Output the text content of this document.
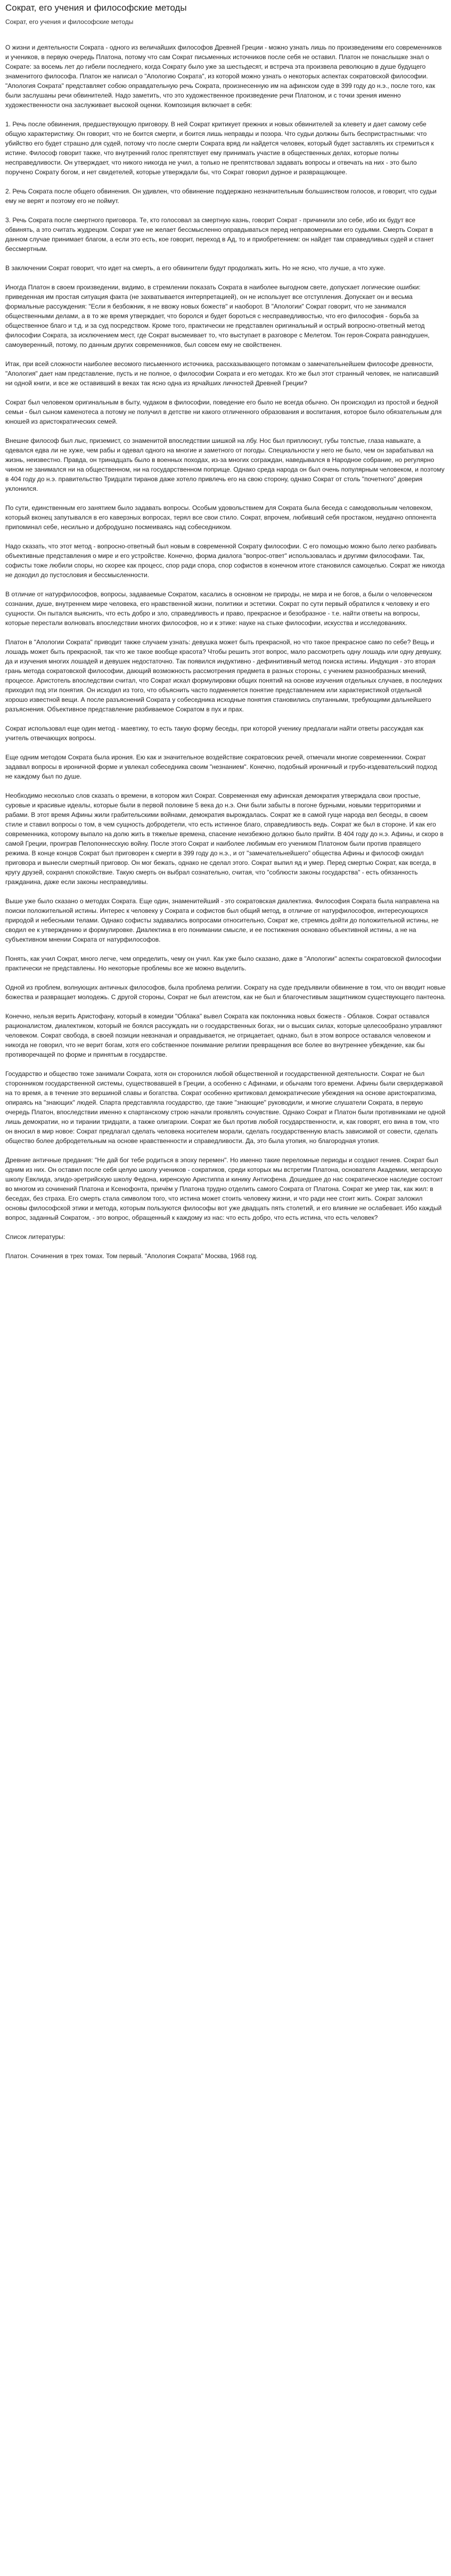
Сократ, его учения и философские методы
Сократ, его учения и философские методы

О жизни и деятельности Сократа - одного из величайших философов Древней Греции - можно узнать лишь по произведениям его современников и учеников, в первую очередь Платона, потому что сам Сократ письменных источников после себя не оставил. Платон не понаслышке знал о Сократе: за восемь лет до гибели последнего, когда Сократу было уже за шестьдесят, и встреча эта произвела революцию в душе будущего знаменитого философа. Платон же написал о "Апологию Сократа", из которой можно узнать о некоторых аспектах сократовской философии. "Апология Сократа" представляет собою оправдательную речь Сократа, произнесенную им на афинском суде в 399 году до н.э., после того, как были заслушаны речи обвинителей. Надо заметить, что это художественное произведение речи Платоном, и с точки зрения именно художественности она заслуживает высокой оценки. Композиция включает в себя:

1. Речь после обвинения, предшествующую приговору. В ней Сократ критикует прежних и новых обвинителей за клевету и дает самому себе общую характеристику. Он говорит, что не боится смерти, и боится лишь неправды и позора. Что судьи должны быть беспристрастными: что убийство его будет страшно для судей, потому что после смерти Сократа вряд ли найдется человек, который будет заставлять их стремиться к истине. Философ говорит также, что внутренний голос препятствует ему принимать участие в общественных делах, которые полны несправедливости. Он утверждает, что никого никогда не учил, а только не препятствовал задавать вопросы и отвечать на них - это было поручено Сократу богом, и нет свидетелей, которые утверждали бы, что Сократ говорил дурное и развращающее.

2. Речь Сократа после общего обвинения. Он удивлен, что обвинение поддержано незначительным большинством голосов, и говорит, что судьи ему не верят и поэтому его не поймут.

3. Речь Сократа после смертного приговора. Те, кто голосовал за смертную казнь, говорит Сократ - причинили зло себе, ибо их будут все обвинять, а это считать жудрецом. Сократ уже не желает бессмысленно оправдываться перед неправомерными его судьями. Смерть Сократ в данном случае принимает благом, а если это есть, кое говорит, переход в Ад, то и приобретением: он найдет там справедливых судей и станет бессмертным.

В заключении Сократ говорит, что идет на смерть, а его обвинители будут продолжать жить. Но не ясно, что лучше, а что хуже.

Иногда Платон в своем произведении, видимо, в стремлении показать Сократа в наиболее выгодном свете, допускает логические ошибки: приведенная им простая ситуация факта (не захватывается интерпретацией), он не использует все отступления. Допускает он и весьма формальные рассуждения: "Если я безбожник, я не ввожу новых божеств" и наоборот. В "Апологии" Сократ говорит, что не занимался общественными делами, а в то же время утверждает, что боролся и будет бороться с несправедливостью, что его философия - борьба за общественное благо и т.д. и за суд посредством. Кроме того, практически не представлен оригинальный и острый вопросно-ответный метод философии Сократа, за исключением мест, где Сократ высмеивает то, что выступает в разговоре с Мелетом. Тон героя-Сократа равнодушен, самоуверенный, потому, по данным других современников, был совсем ему не свойственен.

Итак, при всей сложности наиболее весомого письменного источника, рассказывающего потомкам о замечательнейшем философе древности, "Апология" дает нам представление, пусть и не полное, о философии Сократа и его методах. Кто же был этот странный человек, не написавший ни одной книги, и все же оставивший в веках так ясно одна из ярчайших личностей Древней Греции?

Сократ был человеком оригинальным в быту, чудаком в философии, поведение его было не всегда обычно. Он происходил из простой и бедной семьи - был сыном каменотеса а потому не получил в детстве ни какого отличенного образования и воспитания, которое было обязательным для юношей из аристократических семей.

Внешне философ был лыс, приземист, со знаменитой впоследствии шишкой на лбу. Нос был приплюснут, губы толстые, глаза навыкате, а одевался едва ли не хуже, чем рабы и одевал одного на многие и заметного от погоды. Специальности у него не было, чем он зарабатывал на жизнь, неизвестно. Правда, он тринадцать было в военных походах, из-за многих сограждан, наведывался в Народное собрание, но регулярно чином не занимался ни на общественном, ни на государственном поприще. Однако среда народа он был очень популярным человеком, и поэтому в 404 году до н.э. правительство Тридцати тиранов даже хотело привлечь его на свою сторону, однако Сократ от столь "почетного" доверия уклонился.

По сути, единственным его занятием было задавать вопросы. Особым удовольствием для Сократа была беседа с самодовольным человеком, который вконец запутывался в его каверзных вопросах, терял все свои стило. Сократ, впрочем, любивший себя простаком, неудачно оппонента припоминал себе, несильно и добродушно посмеиваясь над собеседником.

Надо сказать, что этот метод - вопросно-ответный был новым в современной Сократу философии. С его помощью можно было легко разбивать объективные представления о мире и его устройстве. Конечно, форма диалога "вопрос-ответ" использовалась и другими философами. Так, софисты тоже любили споры, но скорее как процесс, спор ради спора, спор софистов в конечном итоге становился самоцелью. Сократ же никогда не доходил до пустословия и бессмысленности.

В отличие от натурфилософов, вопросы, задаваемые Сократом, касались в основном не природы, не мира и не богов, а были о человеческом сознании, душе, внутреннем мире человека, его нравственной жизни, политики и эстетики. Сократ по сути первый обратился к человеку и его сущности. Он пытался выяснить, что есть добро и зло, справедливость и право, прекрасное и безобразное - т.е. найти ответы на вопросы, которые перестали волновать впоследствии многих философов, но и к этике: науке на стыке философии, искусства и исследованиях.

Платон в "Апологии Сократа" приводит также случаем узнать: девушка может быть прекрасной, но что такое прекрасное само по себе? Вещь и лошадь может быть прекрасной, так что же такое вообще красота? Чтобы решить этот вопрос, мало рассмотреть одну лошадь или одну девушку, да и изучения многих лошадей и девушек недостаточно. Так появился индуктивно - дефинитивный метод поиска истины. Индукция - это вторая грань метода сократовской философии, дающий возможность рассмотрения предмета в разных стороны, с учением разнообразных мнений, процессе. Аристотель впоследствии считал, что Сократ искал формулировки общих понятий на основе изучения отдельных случаев, в последних приходил под эти понятия. Он исходил из того, что объяснить часто подменяется понятие представлением или характеристикой отдельной хорошо известной вещи. А после разъяснений Сократа у собеседника исходные понятия становились спутанными, требующими дальнейшего разъяснения. Объективное представление разбиваемое Сократом в пух и прах.

Сократ использовал еще один метод - маевтику, то есть такую форму беседы, при которой ученику предлагали найти ответы рассуждая как учитель отвечающих вопросы.

Еще одним методом Сократа была ирония. Ею как и значительное воздействие сократовских речей, отмечали многие современники. Сократ задавал вопросы в ироничной форме и увлекал собеседника своим "незнанием". Конечно, подобный ироничный и грубо-издевательский подход не каждому был по душе.

Необходимо несколько слов сказать о времени, в котором жил Сократ. Современная ему афинская демократия утверждала свои простые, суровые и красивые идеалы, которые были в первой половине 5 века до н.э. Они были забыты в погоне бурными, новыми территориями и рабами. В этот время Афины жили грабительскими войнами, демократия вырождалась. Сократ же в самой гуще народа вел беседы, в своем стиле и ставил вопросы о том, в чем сущность добродетели, что есть истинное благо, справедливость ведь. Сократ же был в стороне. И как его современника, которому выпало на долю жить в тяжелые времена, спасение неизбежно должно было прийти. В 404 году до н.э. Афины, и скоро в самой Греции, проиграв Пелопоннесскую войну. После этого Сократ и наиболее любимым его учеником Платоном были против правящего режима. В конце концов Сократ был приговорен к смерти в 399 году до н.э., и от "замечательнейшего" общества Афины и философ ожидал приговора и вынесли смертный приговор. Он мог бежать, однако не сделал этого. Сократ выпил яд и умер. Перед смертью Сократ, как всегда, в кругу друзей, сохранял спокойствие. Такую смерть он выбрал сознательно, считая, что "соблюсти законы государства" - есть обязанность гражданина, даже если законы несправедливы.

Выше уже было сказано о методах Сократа. Еще один, знаменитейший - это сократовская диалектика. Философия Сократа была направлена на поиски положительной истины. Интерес к человеку у Сократа и софистов был общий метод, в отличие от натурфилософов, интересующихся природой и небесными телами. Однако софисты задавались вопросами относительно, Сократ же, стремясь дойти до положительной истины, не сводил ее к утверждению и формулировке. Диалектика в его понимании смысле, и ее постижения основано объективной истины, а не на субъективном мнении Сократа от натурфилософов.

Понять, как учил Сократ, много легче, чем определить, чему он учил. Как уже было сказано, даже в "Апологии" аспекты сократовской философии практически не представлены. Но некоторые проблемы все же можно выделить.

Одной из проблем, волнующих античных философов, была проблема религии. Сократу на суде предъявили обвинение в том, что он вводит новые божества и развращает молодежь. С другой стороны, Сократ не был атеистом, как не был и благочестивым защитником существующего пантеона.

Конечно, нельзя верить Аристофану, который в комедии "Облака" вывел Сократа как поклонника новых божеств - Облаков. Сократ оставался рационалистом, диалектиком, который не боялся рассуждать ни о государственных богах, ни о высших силах, которые целесообразно управляют человеком. Сократ свобода, в своей позиции невзначая и оправдывается, не отрицаетает, однако, был в этом вопросе оставался человеком и никогда не говорил, что не верит богам, хотя его собственное понимание религии превращения все более во внутреннее убеждение, как бы противоречащей по форме и принятым в государстве.

Государство и общество тоже занимали Сократа, хотя он сторонился любой общественной и государственной деятельности. Сократ не был сторонником государственной системы, существовавшей в Греции, а особенно с Афинами, и обычаям того времени. Афины были сверхдержавой на то время, а в течение это вершиной славы и богатства. Сократ особенно критиковал демократические убеждения на основе аристократизма, опираясь на "знающих" людей. Спарта представляла государство, где такие "знающие" руководили, и многие слушатели Сократа, в первую очередь Платон, впоследствии именно к спартанскому строю начали проявлять сочувствие. Однако Сократ и Платон были противниками не одной лишь демократии, но и тирании тридцати, а также олигархии. Сократ же был против любой государственности, и, как говорят, его вина в том, что он вносил в мир новое: Сократ предлагал сделать человека носителем морали, сделать государственную власть зависимой от совести, сделать общество более добродетельным на основе нравственности и справедливости. Да, это была утопия, но благородная утопия.

Древние античные предания: "Не дай бог тебе родиться в эпоху перемен". Но именно такие переломные периоды и создают гениев. Сократ был одним из них. Он оставил после себя целую школу учеников - сократиков, среди которых мы встретим Платона, основателя Академии, мегарскую школу Евклида, элидо-эретрийскую школу Федона, киренскую Аристиппа и кинику Антисфена. Дошедшее до нас сократическое наследие состоит во многом из сочинений Платона и Ксенофонта, причём у Платона трудно отделить самого Сократа от Платона. Сократ же умер так, как жил: в беседах, без страха. Его смерть стала символом того, что истина может стоить человеку жизни, и что ради нее стоит жить. Сократ заложил основы философской этики и метода, которым пользуются философы вот уже двадцать пять столетий, и его влияние не ослабевает. Ибо каждый вопрос, заданный Сократом, - это вопрос, обращенный к каждому из нас: что есть добро, что есть истина, что есть человек?

Список литературы:

Платон. Сочинения в трех томах. Том первый. "Апология Сократа" Москва, 1968 год.
